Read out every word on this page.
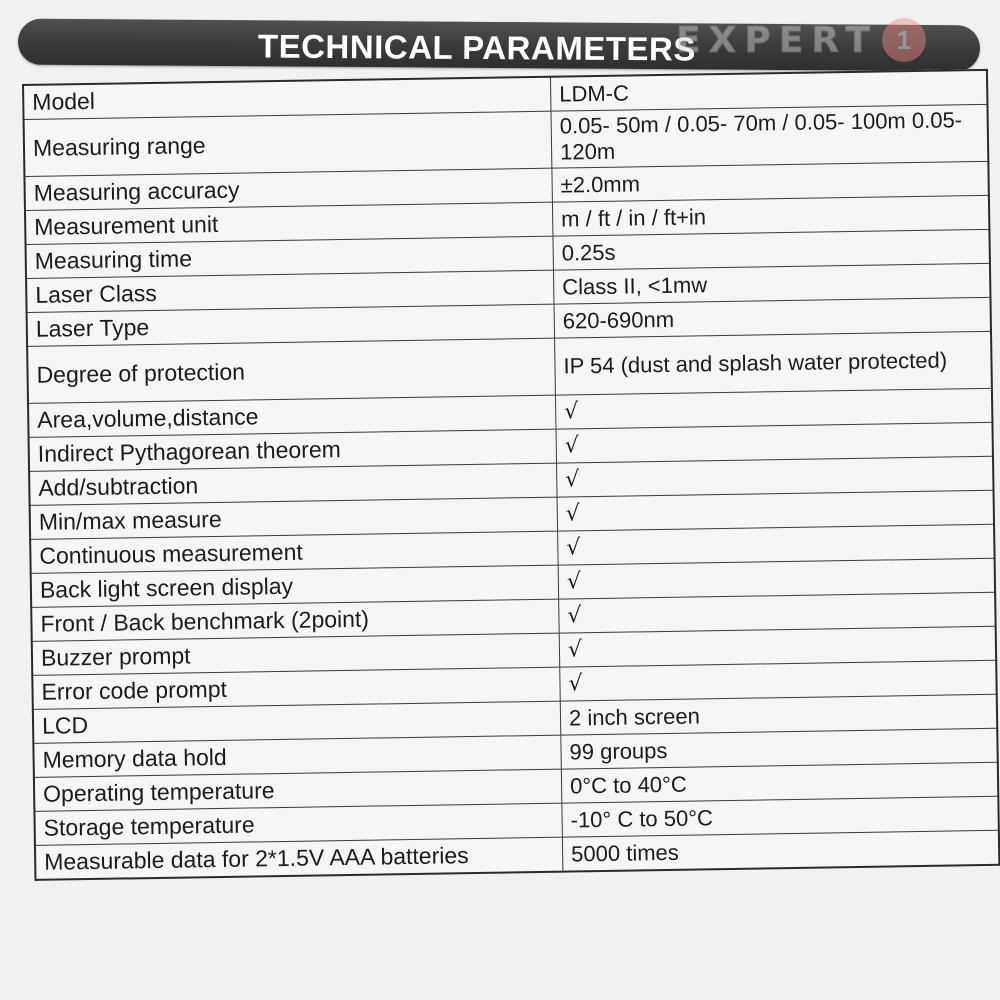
TECHNICAL PARAMETERS
EXPERT 1
Model	LDM-C
Measuring range	0.05- 50m / 0.05- 70m / 0.05- 100m 0.05-120m
Measuring accuracy	±2.0mm
Measurement unit	m / ft / in / ft+in
Measuring time	0.25s
Laser Class	Class II, <1mw
Laser Type	620-690nm
Degree of protection	IP 54 (dust and splash water protected)
Area,volume,distance	√
Indirect Pythagorean theorem	√
Add/subtraction	√
Min/max measure	√
Continuous measurement	√
Back light screen display	√
Front / Back benchmark (2point)	√
Buzzer prompt	√
Error code prompt	√
LCD	2 inch screen
Memory data hold	99 groups
Operating temperature	0°C to 40°C
Storage temperature	-10° C to 50°C
Measurable data for 2*1.5V AAA batteries	5000 times
